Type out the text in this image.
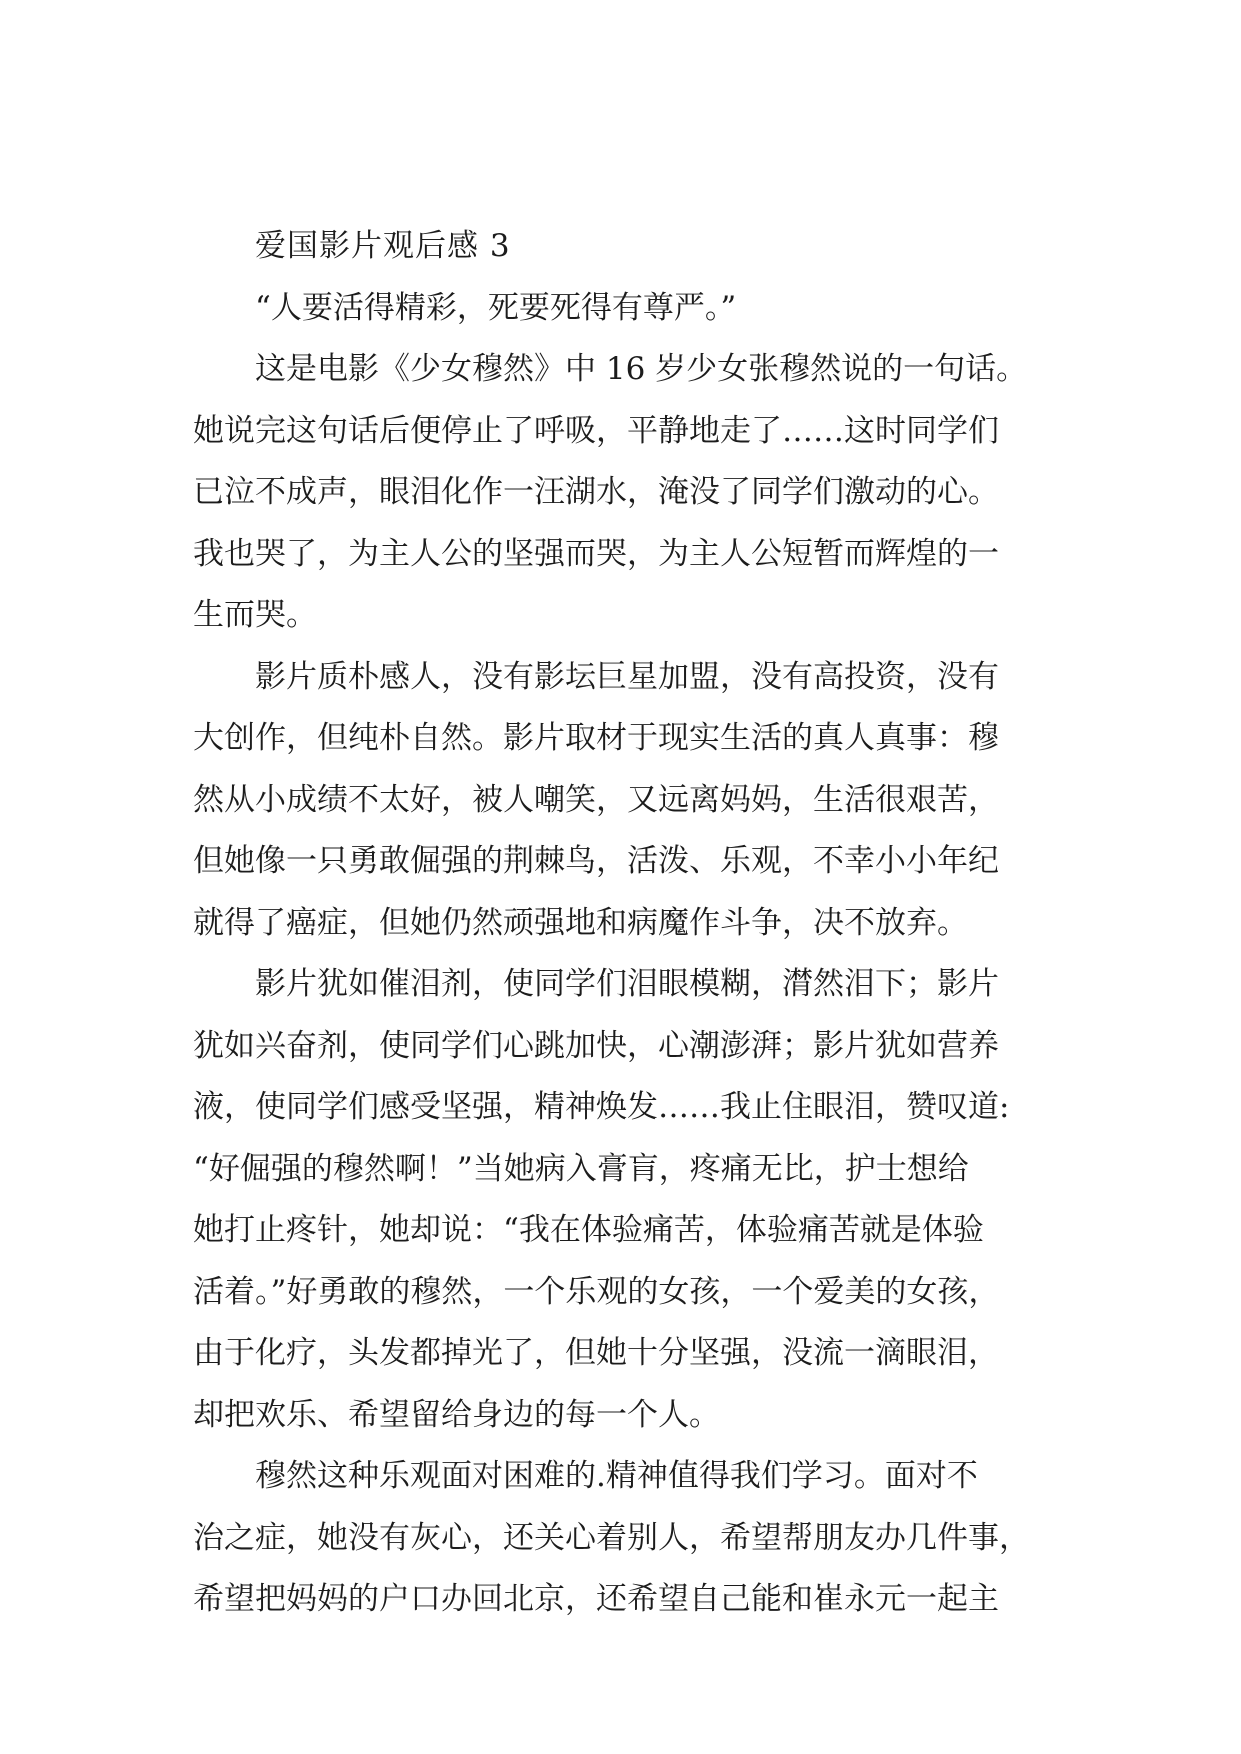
爱国影片观后感 3
“人要活得精彩，死要死得有尊严。”
这是电影《少女穆然》中 16 岁少女张穆然说的一句话。
她说完这句话后便停止了呼吸，平静地走了……这时同学们
已泣不成声，眼泪化作一汪湖水，淹没了同学们激动的心。
我也哭了，为主人公的坚强而哭，为主人公短暂而辉煌的一
生而哭。
影片质朴感人，没有影坛巨星加盟，没有高投资，没有
大创作，但纯朴自然。影片取材于现实生活的真人真事：穆
然从小成绩不太好，被人嘲笑，又远离妈妈，生活很艰苦，
但她像一只勇敢倔强的荆棘鸟，活泼、乐观，不幸小小年纪
就得了癌症，但她仍然顽强地和病魔作斗争，决不放弃。
影片犹如催泪剂，使同学们泪眼模糊，潸然泪下；影片
犹如兴奋剂，使同学们心跳加快，心潮澎湃；影片犹如营养
液，使同学们感受坚强，精神焕发……我止住眼泪，赞叹道:
“好倔强的穆然啊！”当她病入膏肓，疼痛无比，护士想给
她打止疼针，她却说：“我在体验痛苦，体验痛苦就是体验
活着。”好勇敢的穆然，一个乐观的女孩，一个爱美的女孩，
由于化疗，头发都掉光了，但她十分坚强，没流一滴眼泪，
却把欢乐、希望留给身边的每一个人。
穆然这种乐观面对困难的.精神值得我们学习。面对不
治之症，她没有灰心，还关心着别人，希望帮朋友办几件事，
希望把妈妈的户口办回北京，还希望自己能和崔永元一起主
